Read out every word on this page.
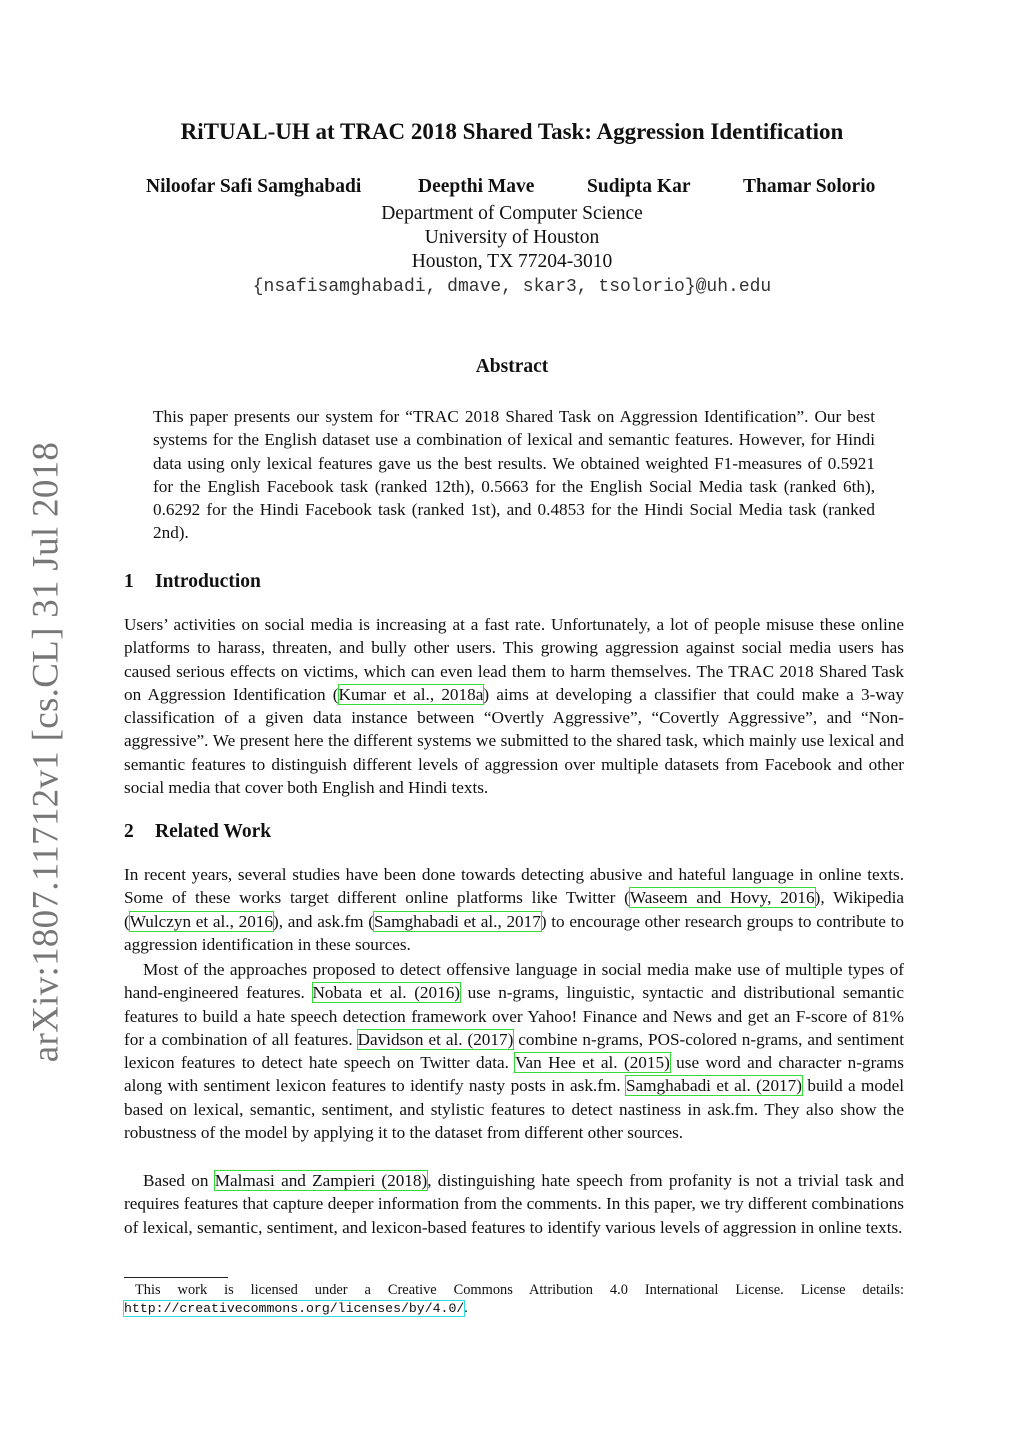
arXiv:1807.11712v1 [cs.CL] 31 Jul 2018
RiTUAL-UH at TRAC 2018 Shared Task: Aggression Identification
Niloofar Safi Samghabadi	Deepthi Mave	Sudipta Kar	Thamar Solorio
Department of Computer Science
University of Houston
Houston, TX 77204-3010
{nsafisamghabadi, dmave, skar3, tsolorio}@uh.edu
Abstract

This paper presents our system for “TRAC 2018 Shared Task on Aggression Identification”. Our best systems for the English dataset use a combination of lexical and semantic features. However, for Hindi data using only lexical features gave us the best results. We obtained weighted F1-measures of 0.5921 for the English Facebook task (ranked 12th), 0.5663 for the English Social Media task (ranked 6th), 0.6292 for the Hindi Facebook task (ranked 1st), and 0.4853 for the Hindi Social Media task (ranked 2nd).

1 Introduction

Users’ activities on social media is increasing at a fast rate. Unfortunately, a lot of people misuse these online platforms to harass, threaten, and bully other users. This growing aggression against social media users has caused serious effects on victims, which can even lead them to harm themselves. The TRAC 2018 Shared Task on Aggression Identification (Kumar et al., 2018a) aims at developing a classifier that could make a 3-way classification of a given data instance between “Overtly Aggressive”, “Covertly Aggressive”, and “Non-aggressive”. We present here the different systems we submitted to the shared task, which mainly use lexical and semantic features to distinguish different levels of aggression over multiple datasets from Facebook and other social media that cover both English and Hindi texts.

2 Related Work

In recent years, several studies have been done towards detecting abusive and hateful language in online texts. Some of these works target different online platforms like Twitter (Waseem and Hovy, 2016), Wikipedia (Wulczyn et al., 2016), and ask.fm (Samghabadi et al., 2017) to encourage other research groups to contribute to aggression identification in these sources.

Most of the approaches proposed to detect offensive language in social media make use of multiple types of hand-engineered features. Nobata et al. (2016) use n-grams, linguistic, syntactic and distributional semantic features to build a hate speech detection framework over Yahoo! Finance and News and get an F-score of 81% for a combination of all features. Davidson et al. (2017) combine n-grams, POS-colored n-grams, and sentiment lexicon features to detect hate speech on Twitter data. Van Hee et al. (2015) use word and character n-grams along with sentiment lexicon features to identify nasty posts in ask.fm. Samghabadi et al. (2017) build a model based on lexical, semantic, sentiment, and stylistic features to detect nastiness in ask.fm. They also show the robustness of the model by applying it to the dataset from different other sources.

Based on Malmasi and Zampieri (2018), distinguishing hate speech from profanity is not a trivial task and requires features that capture deeper information from the comments. In this paper, we try different combinations of lexical, semantic, sentiment, and lexicon-based features to identify various levels of aggression in online texts.

This work is licensed under a Creative Commons Attribution 4.0 International License. License details: http://creativecommons.org/licenses/by/4.0/.
